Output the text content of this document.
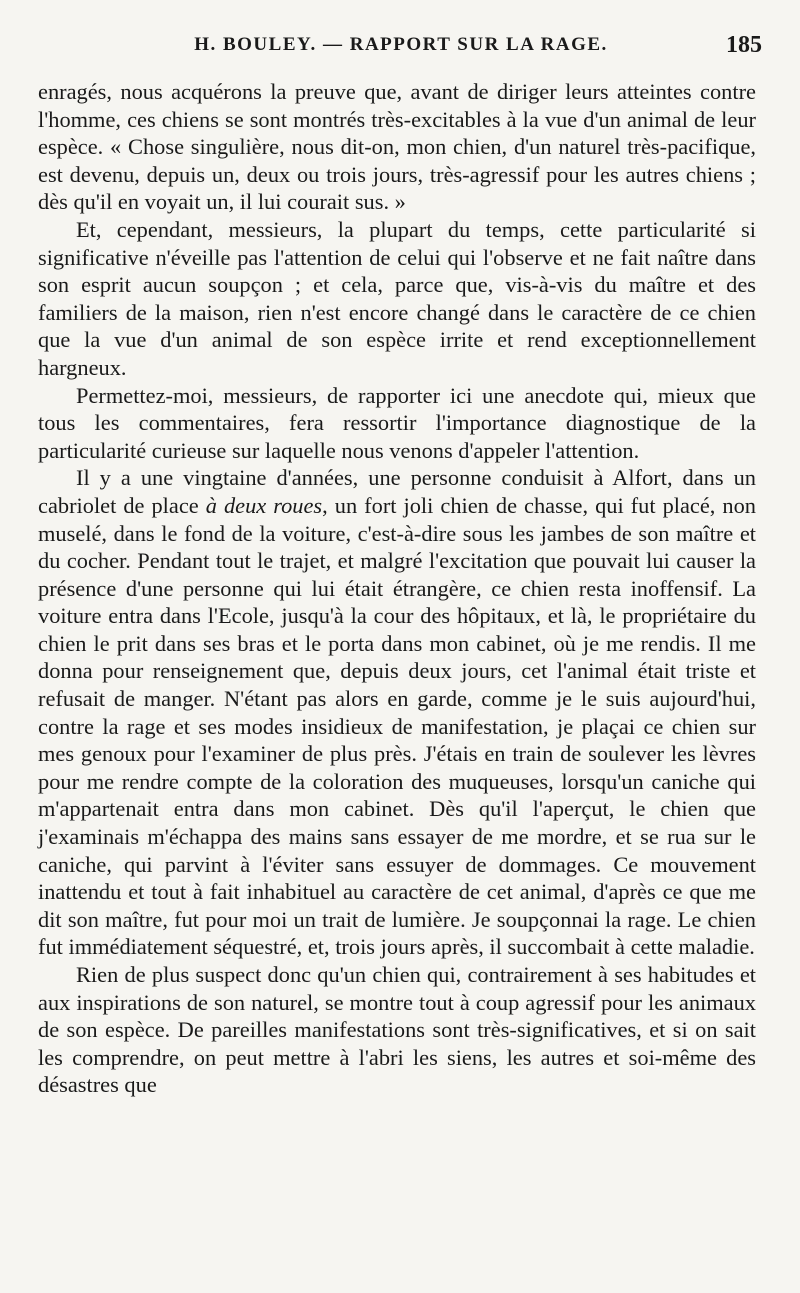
H. BOULEY. — RAPPORT SUR LA RAGE.	185

enragés, nous acquérons la preuve que, avant de diriger leurs atteintes contre l'homme, ces chiens se sont montrés très-excitables à la vue d'un animal de leur espèce. « Chose singulière, nous dit-on, mon chien, d'un naturel très-pacifique, est devenu, depuis un, deux ou trois jours, très-agressif pour les autres chiens ; dès qu'il en voyait un, il lui courait sus. »

Et, cependant, messieurs, la plupart du temps, cette particularité si significative n'éveille pas l'attention de celui qui l'observe et ne fait naître dans son esprit aucun soupçon ; et cela, parce que, vis-à-vis du maître et des familiers de la maison, rien n'est encore changé dans le caractère de ce chien que la vue d'un animal de son espèce irrite et rend exceptionnellement hargneux.

Permettez-moi, messieurs, de rapporter ici une anecdote qui, mieux que tous les commentaires, fera ressortir l'importance diagnostique de la particularité curieuse sur laquelle nous venons d'appeler l'attention.

Il y a une vingtaine d'années, une personne conduisit à Alfort, dans un cabriolet de place à deux roues, un fort joli chien de chasse, qui fut placé, non muselé, dans le fond de la voiture, c'est-à-dire sous les jambes de son maître et du cocher. Pendant tout le trajet, et malgré l'excitation que pouvait lui causer la présence d'une personne qui lui était étrangère, ce chien resta inoffensif. La voiture entra dans l'Ecole, jusqu'à la cour des hôpitaux, et là, le propriétaire du chien le prit dans ses bras et le porta dans mon cabinet, où je me rendis. Il me donna pour renseignement que, depuis deux jours, cet l'animal était triste et refusait de manger. N'étant pas alors en garde, comme je le suis aujourd'hui, contre la rage et ses modes insidieux de manifestation, je plaçai ce chien sur mes genoux pour l'examiner de plus près. J'étais en train de soulever les lèvres pour me rendre compte de la coloration des muqueuses, lorsqu'un caniche qui m'appartenait entra dans mon cabinet. Dès qu'il l'aperçut, le chien que j'examinais m'échappa des mains sans essayer de me mordre, et se rua sur le caniche, qui parvint à l'éviter sans essuyer de dommages. Ce mouvement inattendu et tout à fait inhabituel au caractère de cet animal, d'après ce que me dit son maître, fut pour moi un trait de lumière. Je soupçonnai la rage. Le chien fut immédiatement séquestré, et, trois jours après, il succombait à cette maladie.

Rien de plus suspect donc qu'un chien qui, contrairement à ses habitudes et aux inspirations de son naturel, se montre tout à coup agressif pour les animaux de son espèce. De pareilles manifestations sont très-significatives, et si on sait les comprendre, on peut mettre à l'abri les siens, les autres et soi-même des désastres que
